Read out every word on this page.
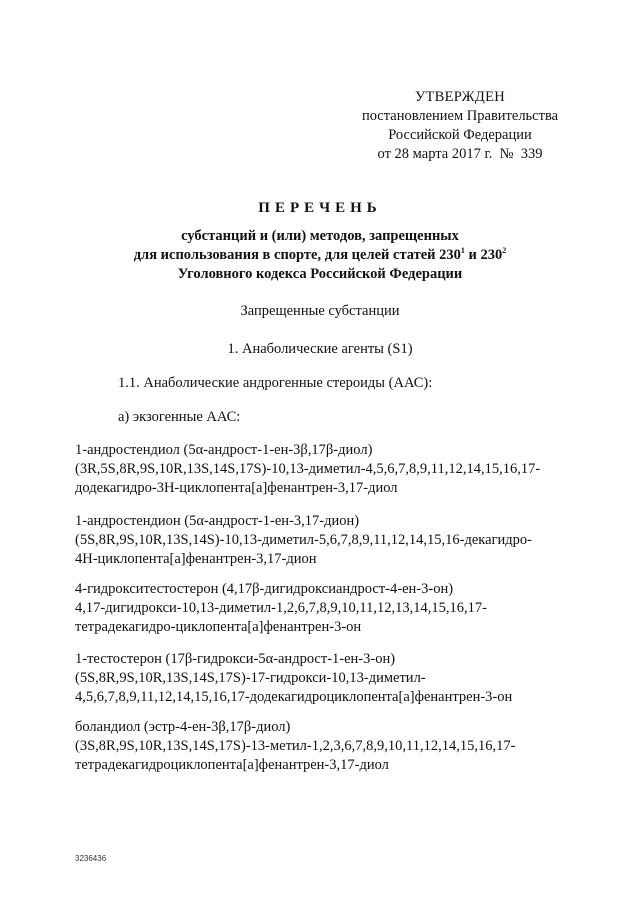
УТВЕРЖДЕН
постановлением Правительства
Российской Федерации
от 28 марта 2017 г.  №  339
ПЕРЕЧЕНЬ
субстанций и (или) методов, запрещенных
для использования в спорте, для целей статей $230^1$ и $230^2$
Уголовного кодекса Российской Федерации
Запрещенные субстанции
1. Анаболические агенты (S1)
1.1. Анаболические андрогенные стероиды (ААС):
а) экзогенные ААС:
1-андростендиол (5α-андрост-1-ен-3β,17β-диол)
(3R,5S,8R,9S,10R,13S,14S,17S)-10,13-диметил-4,5,6,7,8,9,11,12,14,15,16,17-
додекагидро-3Н-циклопента[а]фенантрен-3,17-диол
1-андростендион (5α-андрост-1-ен-3,17-дион)
(5S,8R,9S,10R,13S,14S)-10,13-диметил-5,6,7,8,9,11,12,14,15,16-декагидро-
4Н-циклопента[а]фенантрен-3,17-дион
4-гидрокситестостерон (4,17β-дигидроксиандрост-4-ен-3-он)
4,17-дигидрокси-10,13-диметил-1,2,6,7,8,9,10,11,12,13,14,15,16,17-
тетрадекагидро-циклопента[а]фенантрен-3-он
1-тестостерон (17β-гидрокси-5α-андрост-1-ен-3-он)
(5S,8R,9S,10R,13S,14S,17S)-17-гидрокси-10,13-диметил-
4,5,6,7,8,9,11,12,14,15,16,17-додекагидроциклопента[а]фенантрен-3-он
боландиол (эстр-4-ен-3β,17β-диол)
(3S,8R,9S,10R,13S,14S,17S)-13-метил-1,2,3,6,7,8,9,10,11,12,14,15,16,17-
тетрадекагидроциклопента[а]фенантрен-3,17-диол
3236436
